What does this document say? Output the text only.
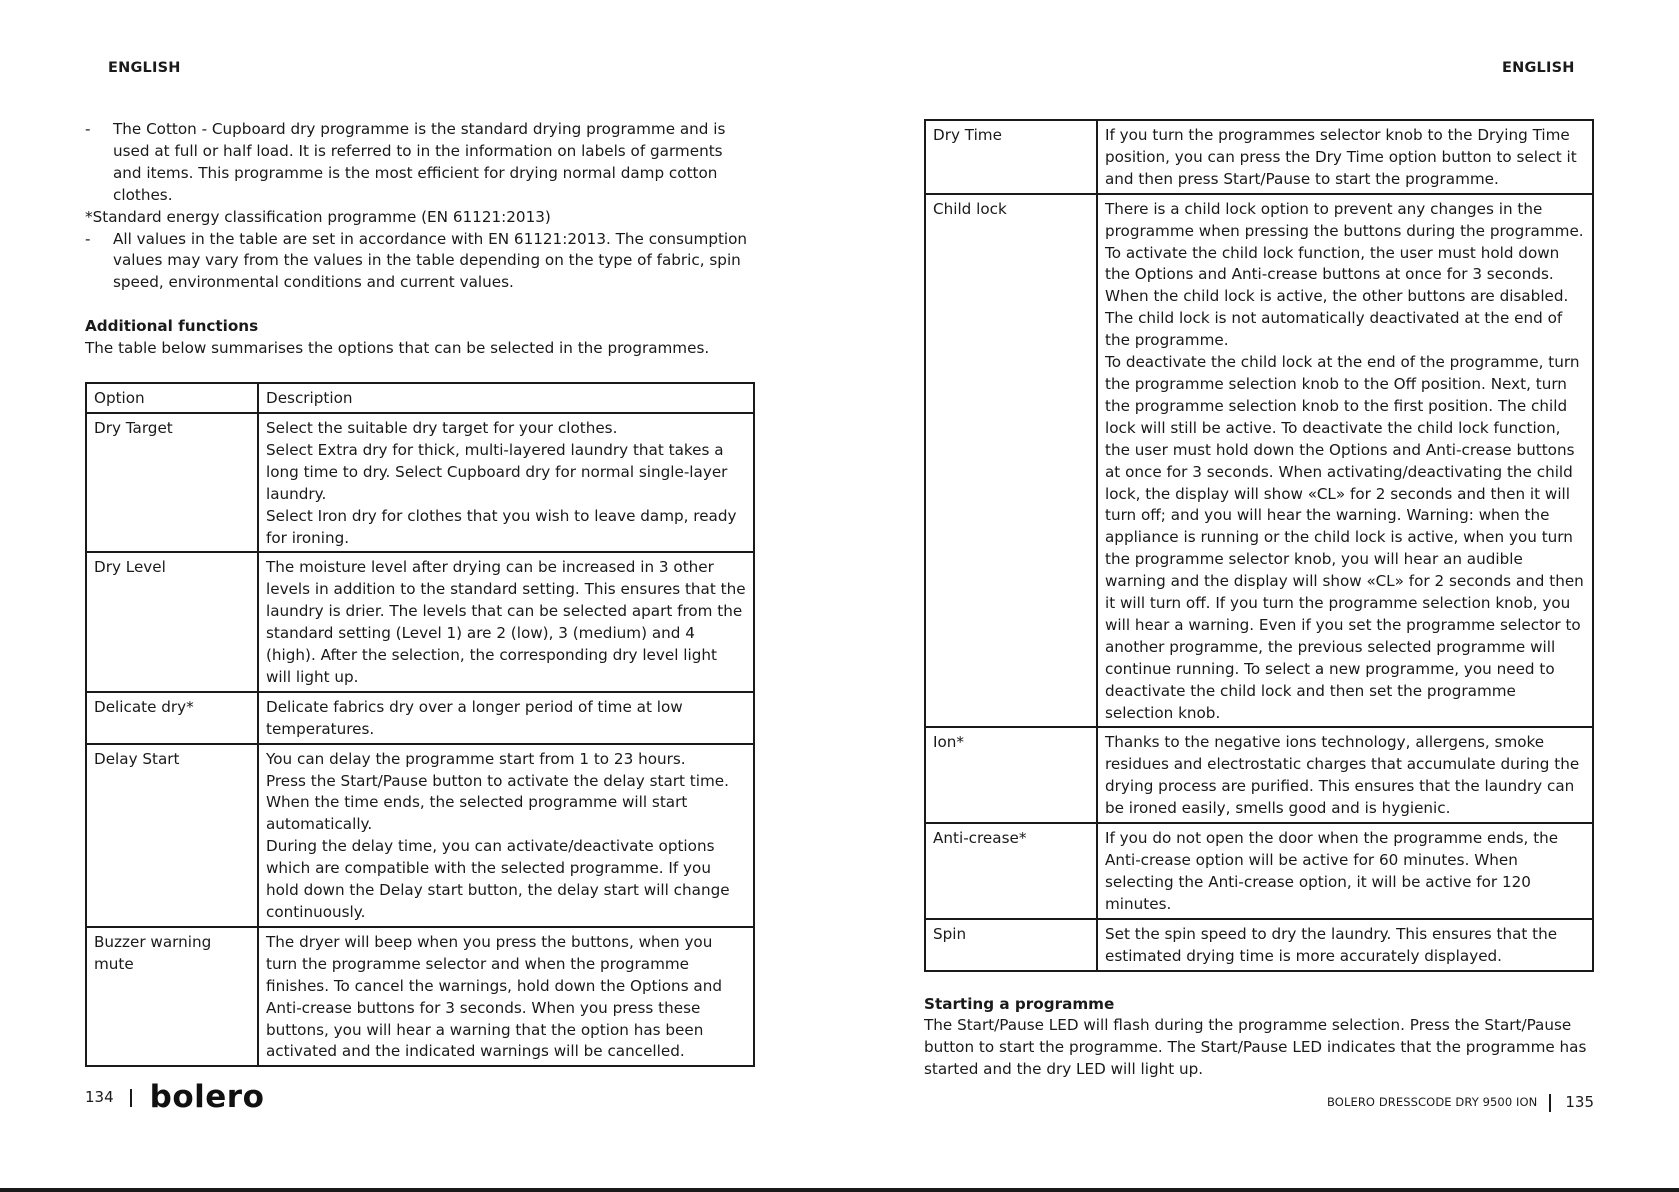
ENGLISH	ENGLISH
- The Cotton - Cupboard dry programme is the standard drying programme and is used at full or half load. It is referred to in the information on labels of garments and items. This programme is the most efficient for drying normal damp cotton clothes.
*Standard energy classification programme (EN 61121:2013)
- All values in the table are set in accordance with EN 61121:2013. The consumption values may vary from the values in the table depending on the type of fabric, spin speed, environmental conditions and current values.
Additional functions
The table below summarises the options that can be selected in the programmes.
Option	Description
Dry Target	Select the suitable dry target for your clothes.
Select Extra dry for thick, multi-layered laundry that takes a long time to dry. Select Cupboard dry for normal single-layer laundry.
Select Iron dry for clothes that you wish to leave damp, ready for ironing.

Dry Level	The moisture level after drying can be increased in 3 other levels in addition to the standard setting. This ensures that the laundry is drier. The levels that can be selected apart from the standard setting (Level 1) are 2 (low), 3 (medium) and 4 (high). After the selection, the corresponding dry level light will light up.

Delicate dry*	Delicate fabrics dry over a longer period of time at low temperatures.

Delay Start	You can delay the programme start from 1 to 23 hours.
Press the Start/Pause button to activate the delay start time. When the time ends, the selected programme will start automatically.
During the delay time, you can activate/deactivate options which are compatible with the selected programme. If you hold down the Delay start button, the delay start will change continuously.

Buzzer warning mute	The dryer will beep when you press the buttons, when you turn the programme selector and when the programme finishes. To cancel the warnings, hold down the Options and Anti-crease buttons for 3 seconds. When you press these buttons, you will hear a warning that the option has been activated and the indicated warnings will be cancelled.
Dry Time	If you turn the programmes selector knob to the Drying Time position, you can press the Dry Time option button to select it and then press Start/Pause to start the programme.

Child lock	There is a child lock option to prevent any changes in the programme when pressing the buttons during the programme.
To activate the child lock function, the user must hold down the Options and Anti-crease buttons at once for 3 seconds. When the child lock is active, the other buttons are disabled. The child lock is not automatically deactivated at the end of the programme.
To deactivate the child lock at the end of the programme, turn the programme selection knob to the Off position. Next, turn the programme selection knob to the first position. The child lock will still be active. To deactivate the child lock function, the user must hold down the Options and Anti-crease buttons at once for 3 seconds. When activating/deactivating the child lock, the display will show «CL» for 2 seconds and then it will turn off; and you will hear the warning. Warning: when the appliance is running or the child lock is active, when you turn the programme selector knob, you will hear an audible warning and the display will show «CL» for 2 seconds and then it will turn off. If you turn the programme selection knob, you will hear a warning. Even if you set the programme selector to another programme, the previous selected programme will continue running. To select a new programme, you need to deactivate the child lock and then set the programme selection knob.

Ion*	Thanks to the negative ions technology, allergens, smoke residues and electrostatic charges that accumulate during the drying process are purified. This ensures that the laundry can be ironed easily, smells good and is hygienic.

Anti-crease*	If you do not open the door when the programme ends, the Anti-crease option will be active for 60 minutes. When selecting the Anti-crease option, it will be active for 120 minutes.

Spin	Set the spin speed to dry the laundry. This ensures that the estimated drying time is more accurately displayed.
Starting a programme
The Start/Pause LED will flash during the programme selection. Press the Start/Pause button to start the programme. The Start/Pause LED indicates that the programme has started and the dry LED will light up.
134 bolero	BOLERO DRESSCODE DRY 9500 ION 135
